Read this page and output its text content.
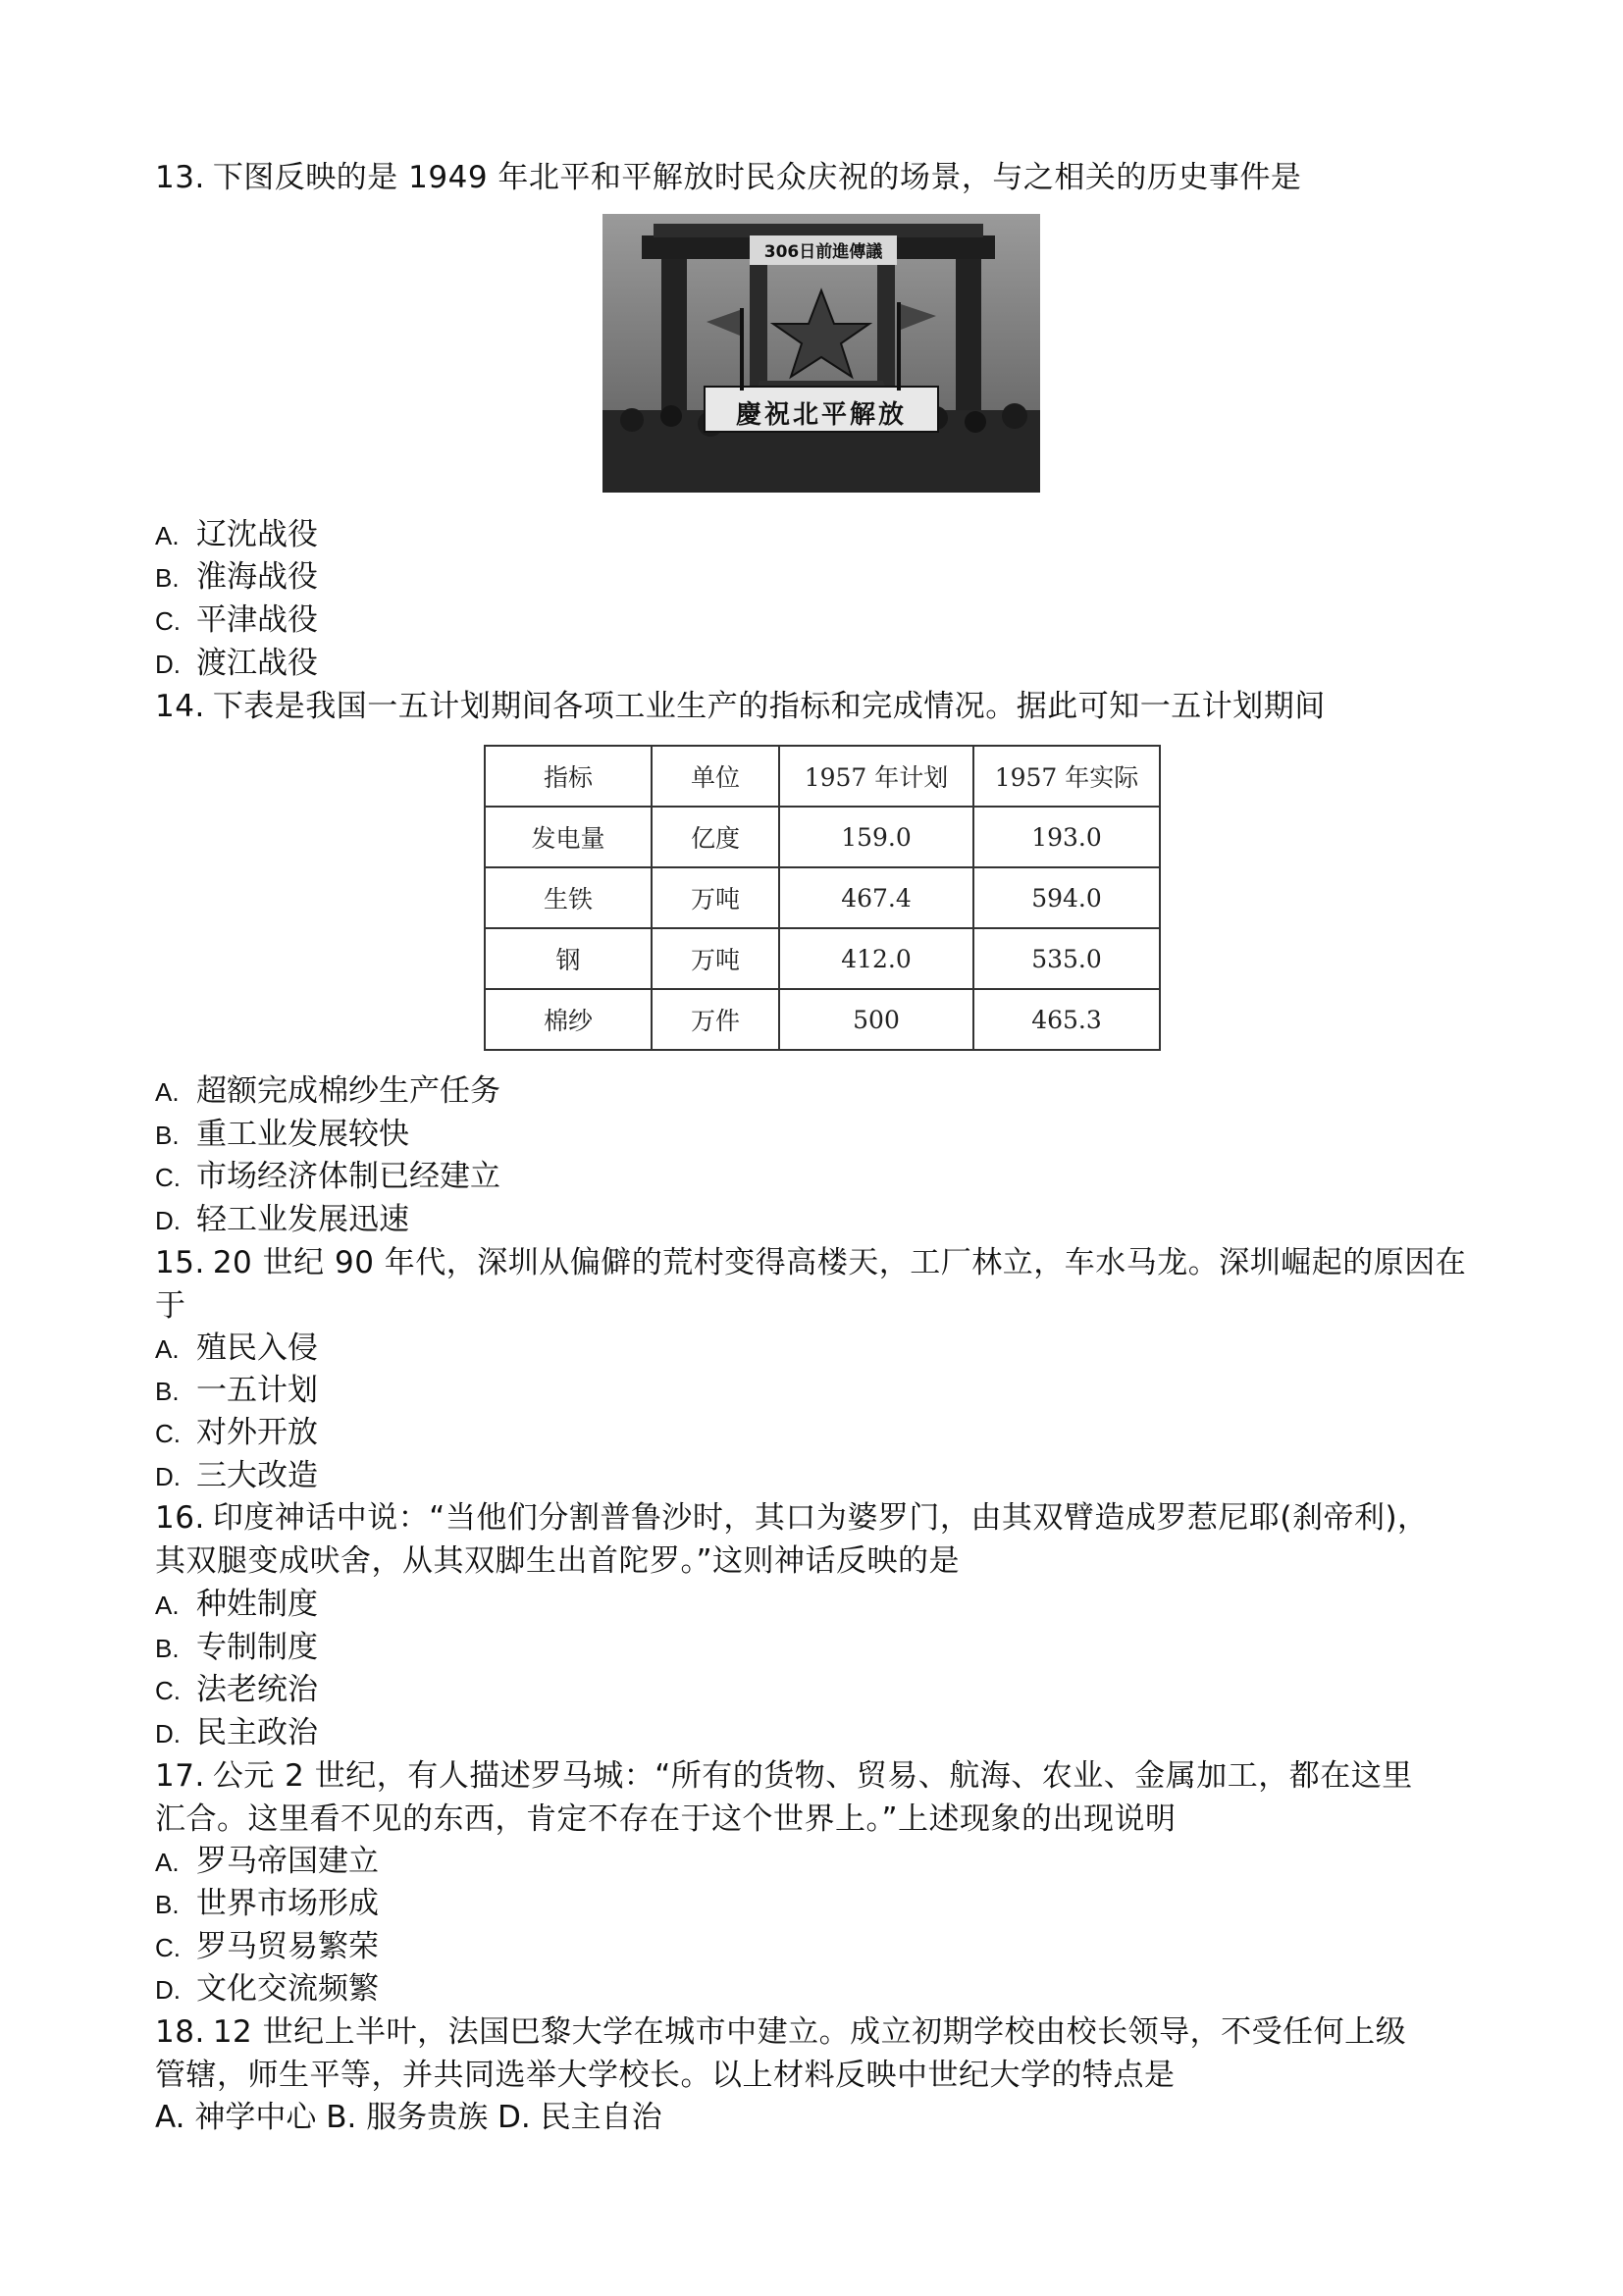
13. 下图反映的是 1949 年北平和平解放时民众庆祝的场景，与之相关的历史事件是
306日前進傳議
慶祝北平解放
A. 辽沈战役
B. 淮海战役
C. 平津战役
D. 渡江战役
14. 下表是我国一五计划期间各项工业生产的指标和完成情况。据此可知一五计划期间
指标	单位	1957 年计划	1957 年实际
发电量	亿度	159.0	193.0
生铁	万吨	467.4	594.0
钢	万吨	412.0	535.0
棉纱	万件	500	465.3
A. 超额完成棉纱生产任务
B. 重工业发展较快
C. 市场经济体制已经建立
D. 轻工业发展迅速
15. 20 世纪 90 年代，深圳从偏僻的荒村变得高楼天，工厂林立，车水马龙。深圳崛起的原因在
于
A. 殖民入侵
B. 一五计划
C. 对外开放
D. 三大改造
16. 印度神话中说：“当他们分割普鲁沙时，其口为婆罗门，由其双臂造成罗惹尼耶(刹帝利)，
其双腿变成吠舍，从其双脚生出首陀罗。”这则神话反映的是
A. 种姓制度
B. 专制制度
C. 法老统治
D. 民主政治
17. 公元 2 世纪，有人描述罗马城：“所有的货物、贸易、航海、农业、金属加工，都在这里
汇合。这里看不见的东西，肯定不存在于这个世界上。”上述现象的出现说明
A. 罗马帝国建立
B. 世界市场形成
C. 罗马贸易繁荣
D. 文化交流频繁
18. 12 世纪上半叶，法国巴黎大学在城市中建立。成立初期学校由校长领导，不受任何上级
管辖，师生平等，并共同选举大学校长。以上材料反映中世纪大学的特点是
A. 神学中心 B. 服务贵族 D. 民主自治
